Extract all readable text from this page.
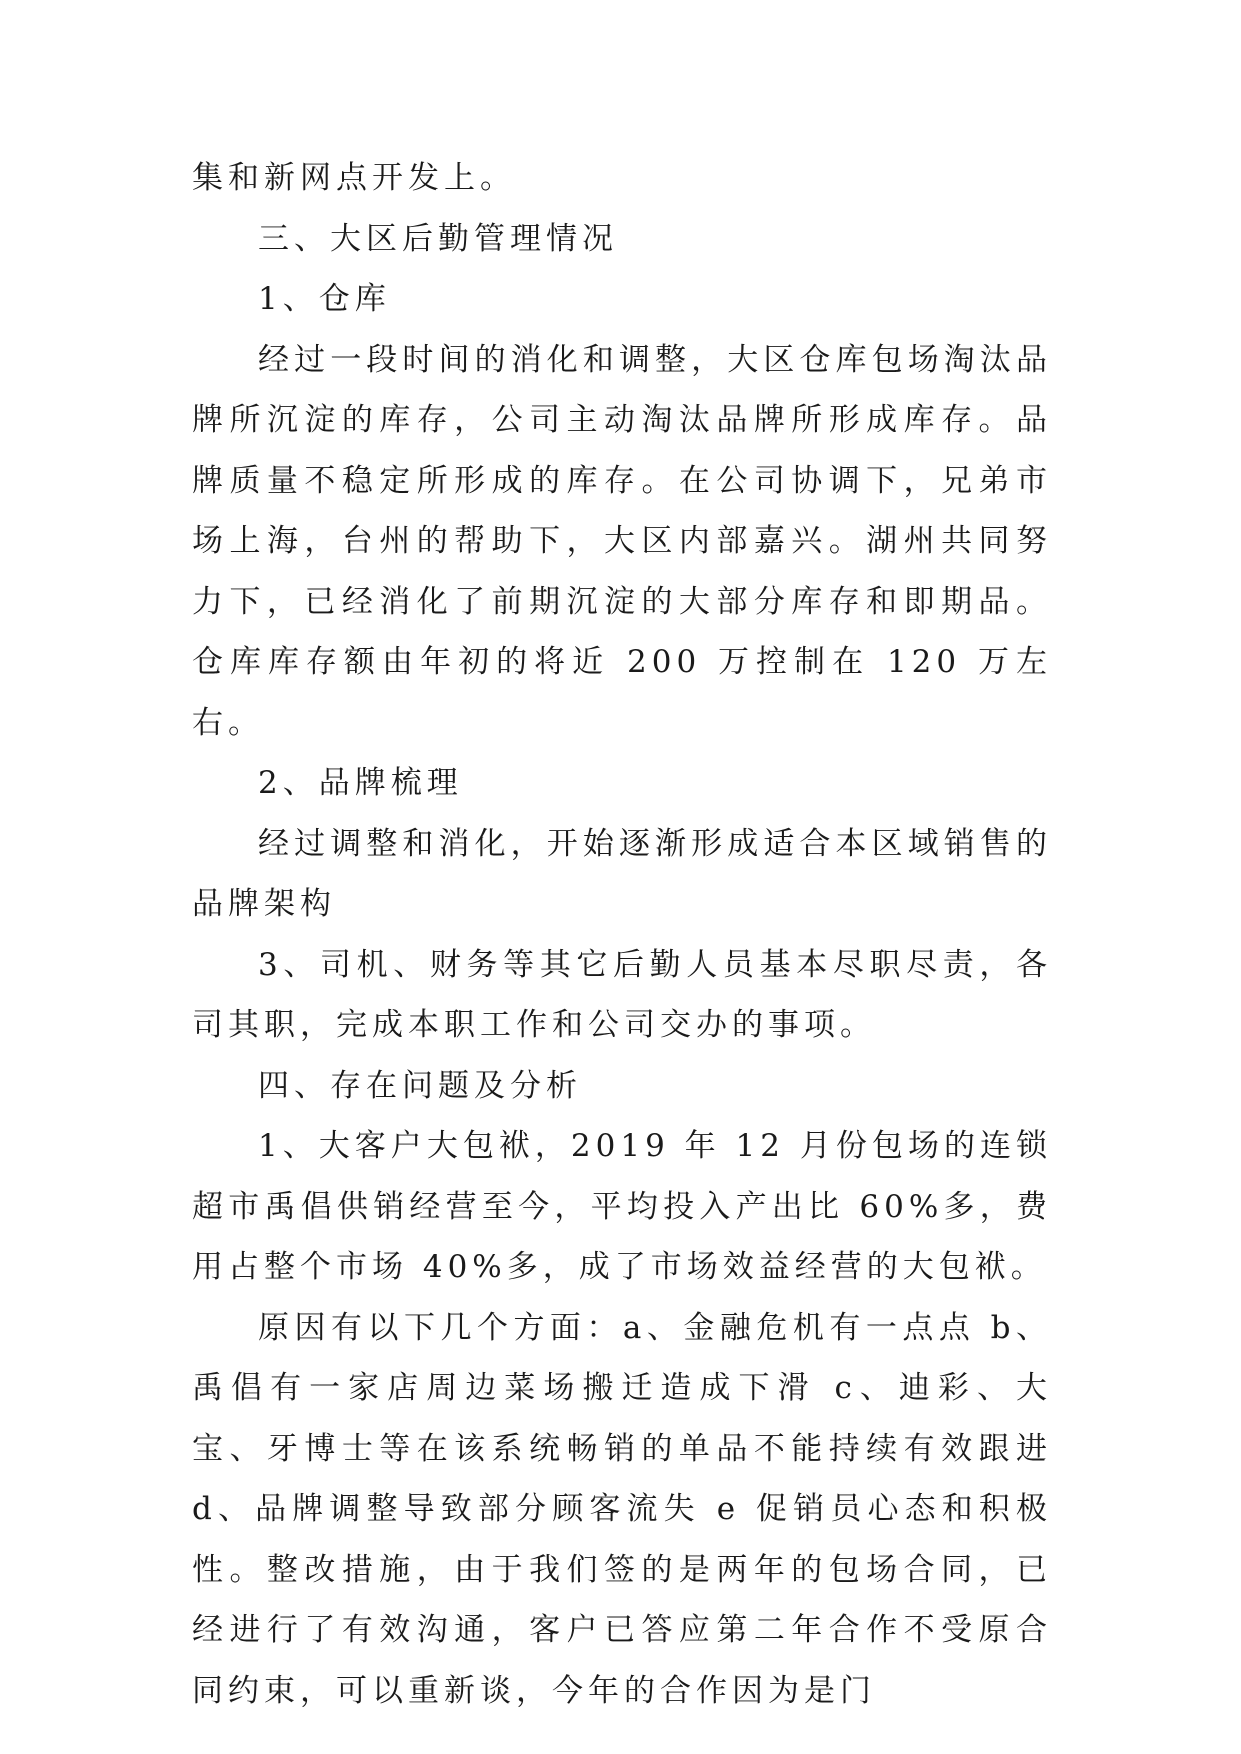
集和新网点开发上。

三、大区后勤管理情况

1、仓库

经过一段时间的消化和调整，大区仓库包场淘汰品牌所沉淀的库存，公司主动淘汰品牌所形成库存。品牌质量不稳定所形成的库存。在公司协调下，兄弟市场上海，台州的帮助下，大区内部嘉兴。湖州共同努力下，已经消化了前期沉淀的大部分库存和即期品。仓库库存额由年初的将近 200 万控制在 120 万左右。

2、品牌梳理

经过调整和消化，开始逐渐形成适合本区域销售的品牌架构

3、司机、财务等其它后勤人员基本尽职尽责，各司其职，完成本职工作和公司交办的事项。

四、存在问题及分析

1、大客户大包袱，2019 年 12 月份包场的连锁超市禹倡供销经营至今，平均投入产出比 60%多，费用占整个市场 40%多，成了市场效益经营的大包袱。

原因有以下几个方面：a、金融危机有一点点 b、禹倡有一家店周边菜场搬迁造成下滑 c、迪彩、大宝、牙博士等在该系统畅销的单品不能持续有效跟进 d、品牌调整导致部分顾客流失 e 促销员心态和积极性。整改措施，由于我们签的是两年的包场合同，已经进行了有效沟通，客户已答应第二年合作不受原合同约束，可以重新谈，今年的合作因为是门
